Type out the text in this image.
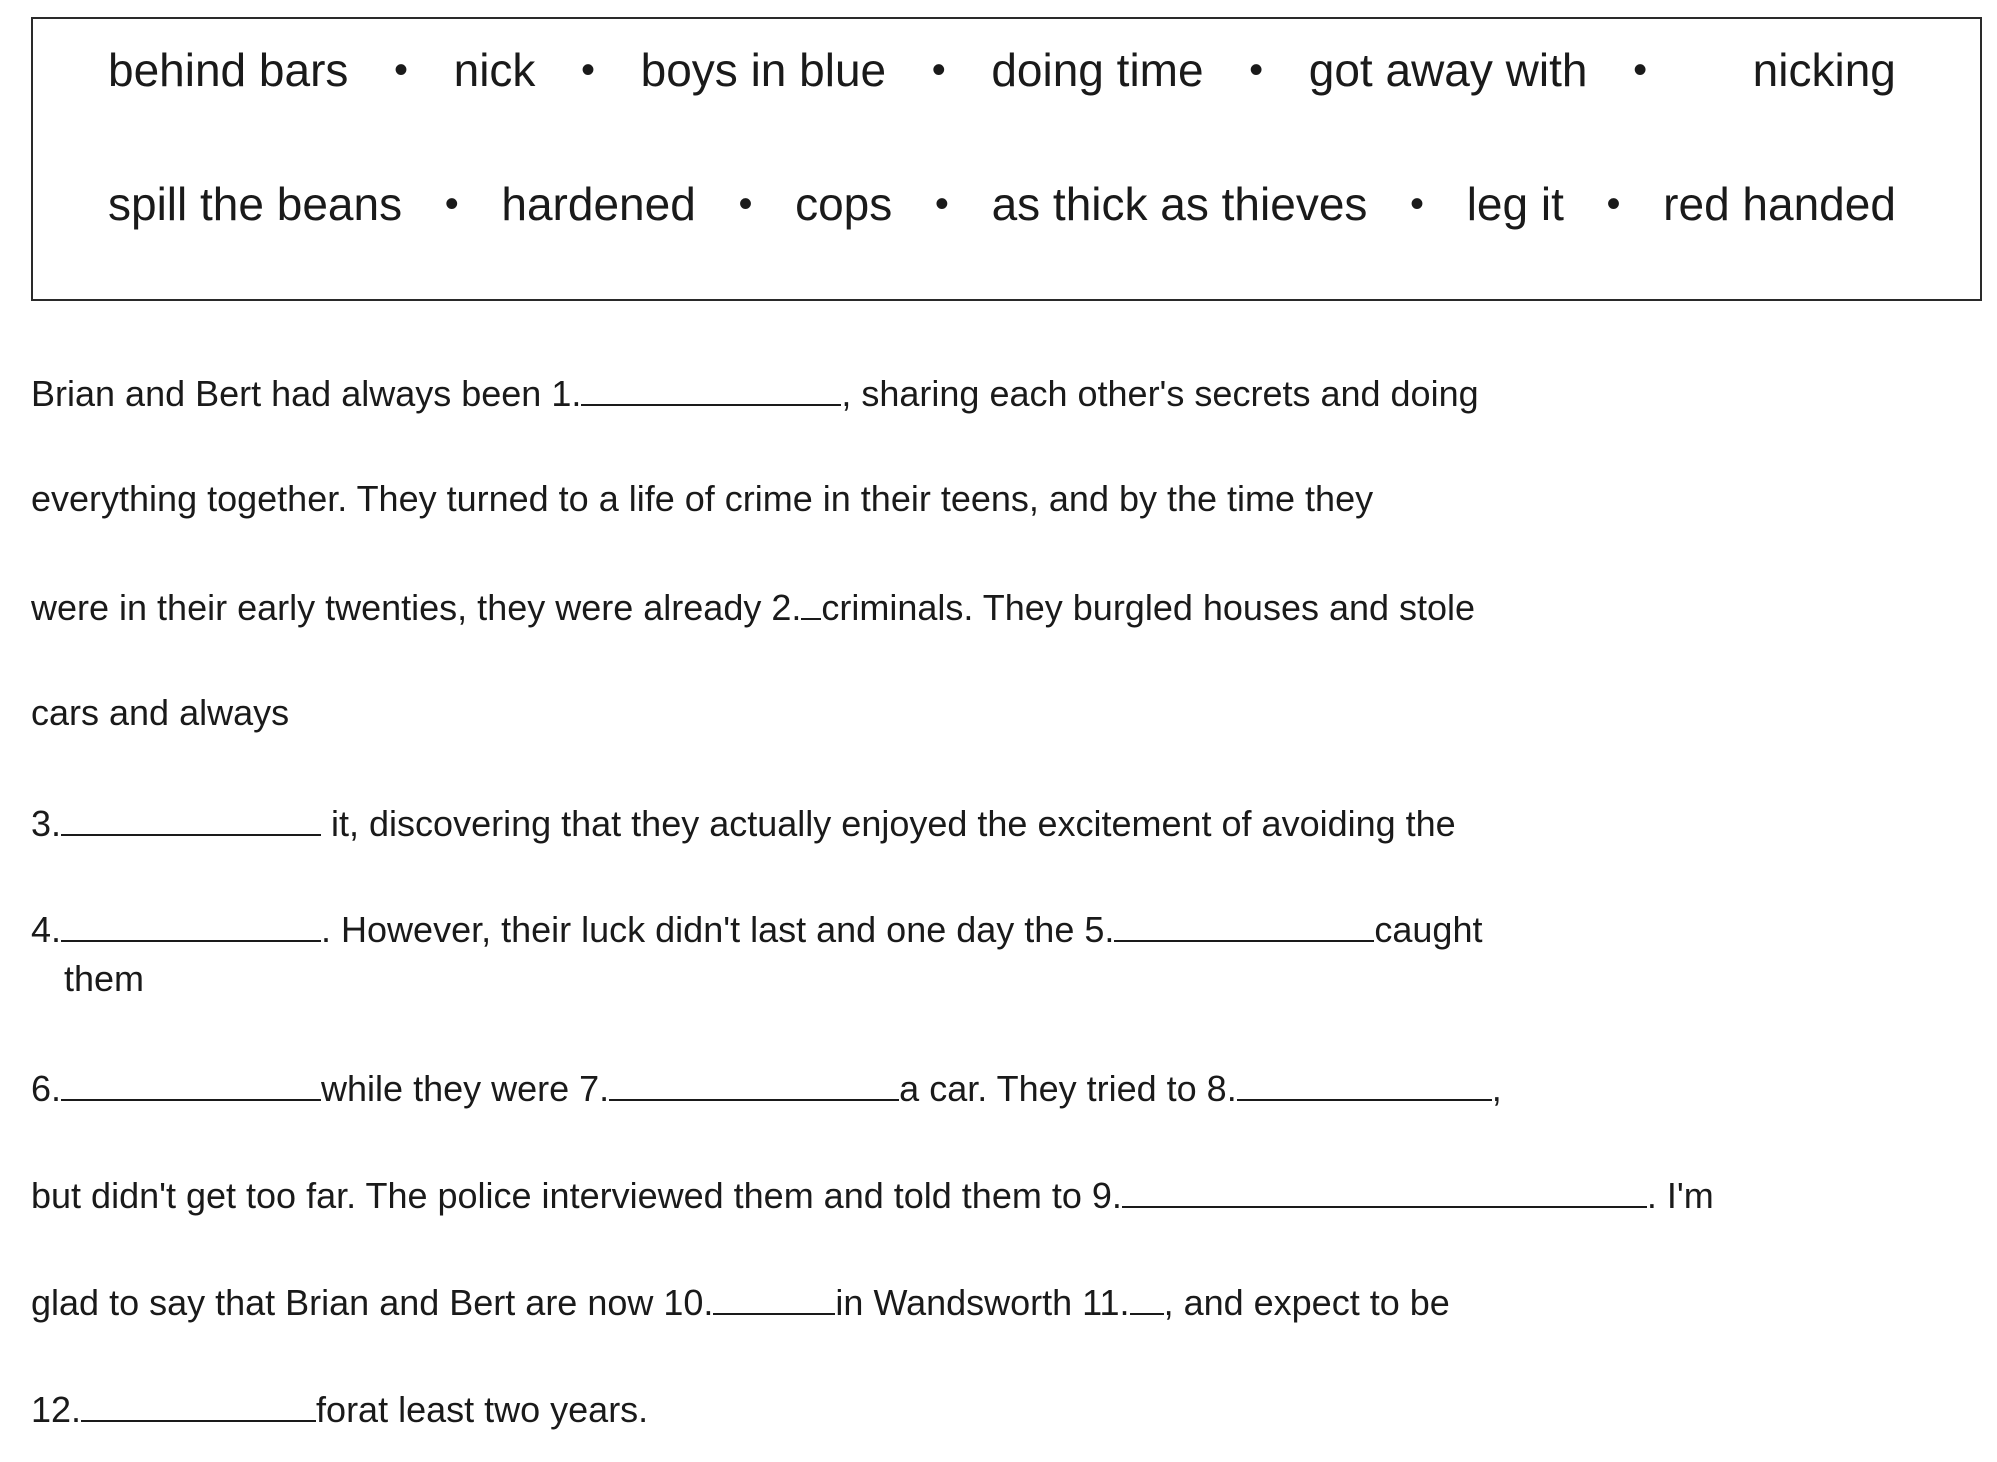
behind bars • nick • boys in blue • doing time • got away with • nicking
spill the beans • hardened • cops • as thick as thieves • leg it • red handed
Brian and Bert had always been 1.	, sharing each other's secrets and doing
everything together. They turned to a life of crime in their teens, and by the time they
were in their early twenties, they were already 2. criminals. They burgled houses and stole
cars and always
3.	it, discovering that they actually enjoyed the excitement of avoiding the
4.	. However, their luck didn't last and one day the 5.	caught
them
6.	while they were 7.	a car. They tried to 8.	,
but didn't get too far. The police interviewed them and told them to 9.	. I'm
glad to say that Brian and Bert are now 10.	in Wandsworth 11. , and expect to be
12.	forat least two years.
